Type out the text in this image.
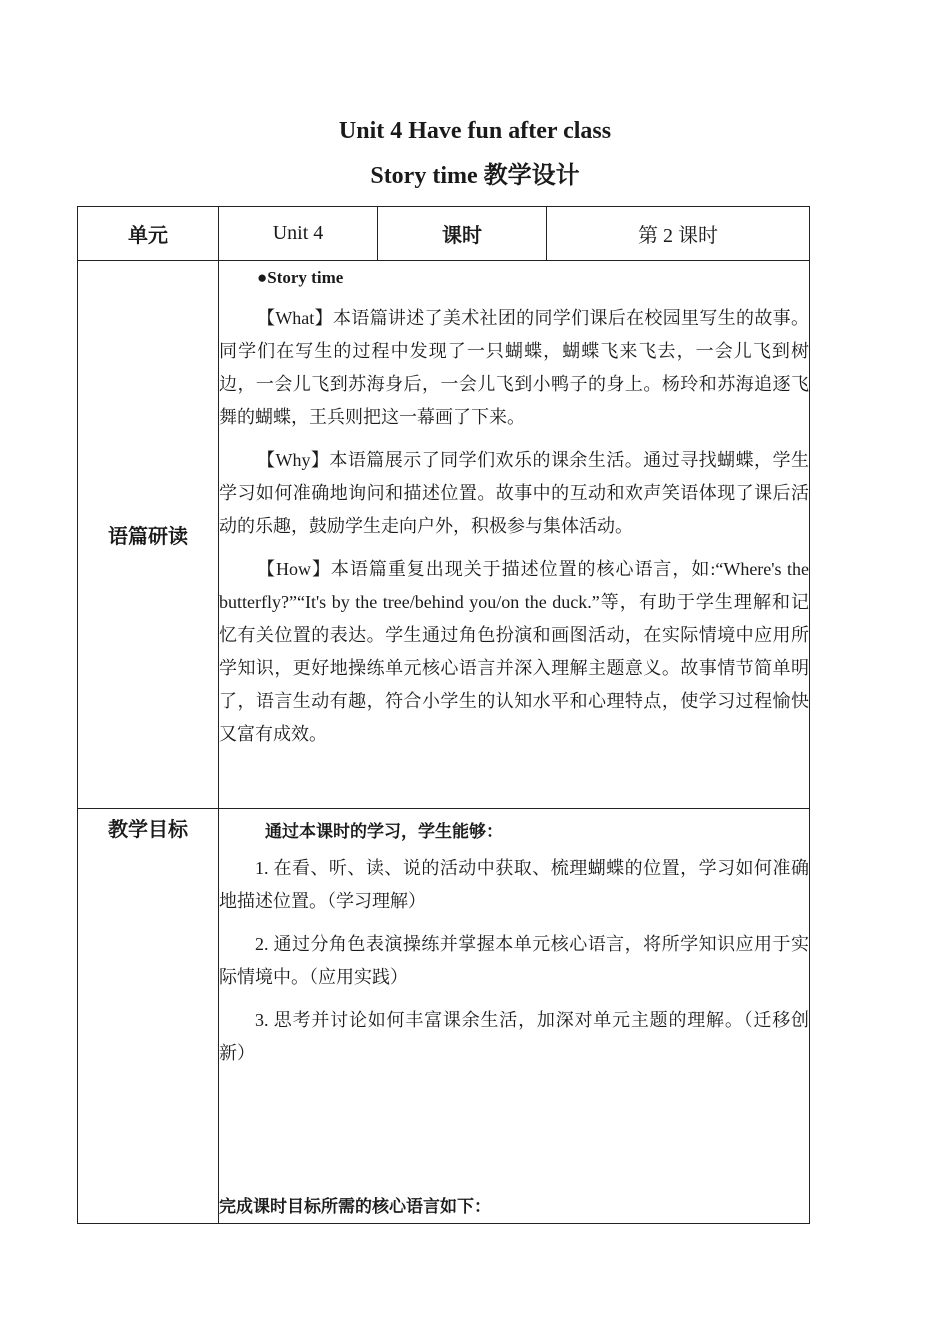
Unit 4 Have fun after class
Story time 教学设计
单元	Unit 4	课时	第 2 课时
语篇研读	●Story time

【What】本语篇讲述了美术社团的同学们课后在校园里写生的故事。同学们在写生的过程中发现了一只蝴蝶，蝴蝶飞来飞去，一会儿飞到树边，一会儿飞到苏海身后，一会儿飞到小鸭子的身上。杨玲和苏海追逐飞舞的蝴蝶，王兵则把这一幕画了下来。

【Why】本语篇展示了同学们欢乐的课余生活。通过寻找蝴蝶，学生学习如何准确地询问和描述位置。故事中的互动和欢声笑语体现了课后活动的乐趣，鼓励学生走向户外，积极参与集体活动。

【How】本语篇重复出现关于描述位置的核心语言，如:“Where's the butterfly?”“It's by the tree/behind you/on the duck.”等，有助于学生理解和记忆有关位置的表达。学生通过角色扮演和画图活动，在实际情境中应用所学知识，更好地操练单元核心语言并深入理解主题意义。故事情节简单明了，语言生动有趣，符合小学生的认知水平和心理特点，使学习过程愉快又富有成效。		

教学目标	通过本课时的学习，学生能够：

1. 在看、听、读、说的活动中获取、梳理蝴蝶的位置，学习如何准确地描述位置。（学习理解）

2. 通过分角色表演操练并掌握本单元核心语言，将所学知识应用于实际情境中。（应用实践）

3. 思考并讨论如何丰富课余生活，加深对单元主题的理解。（迁移创新）

完成课时目标所需的核心语言如下：		
